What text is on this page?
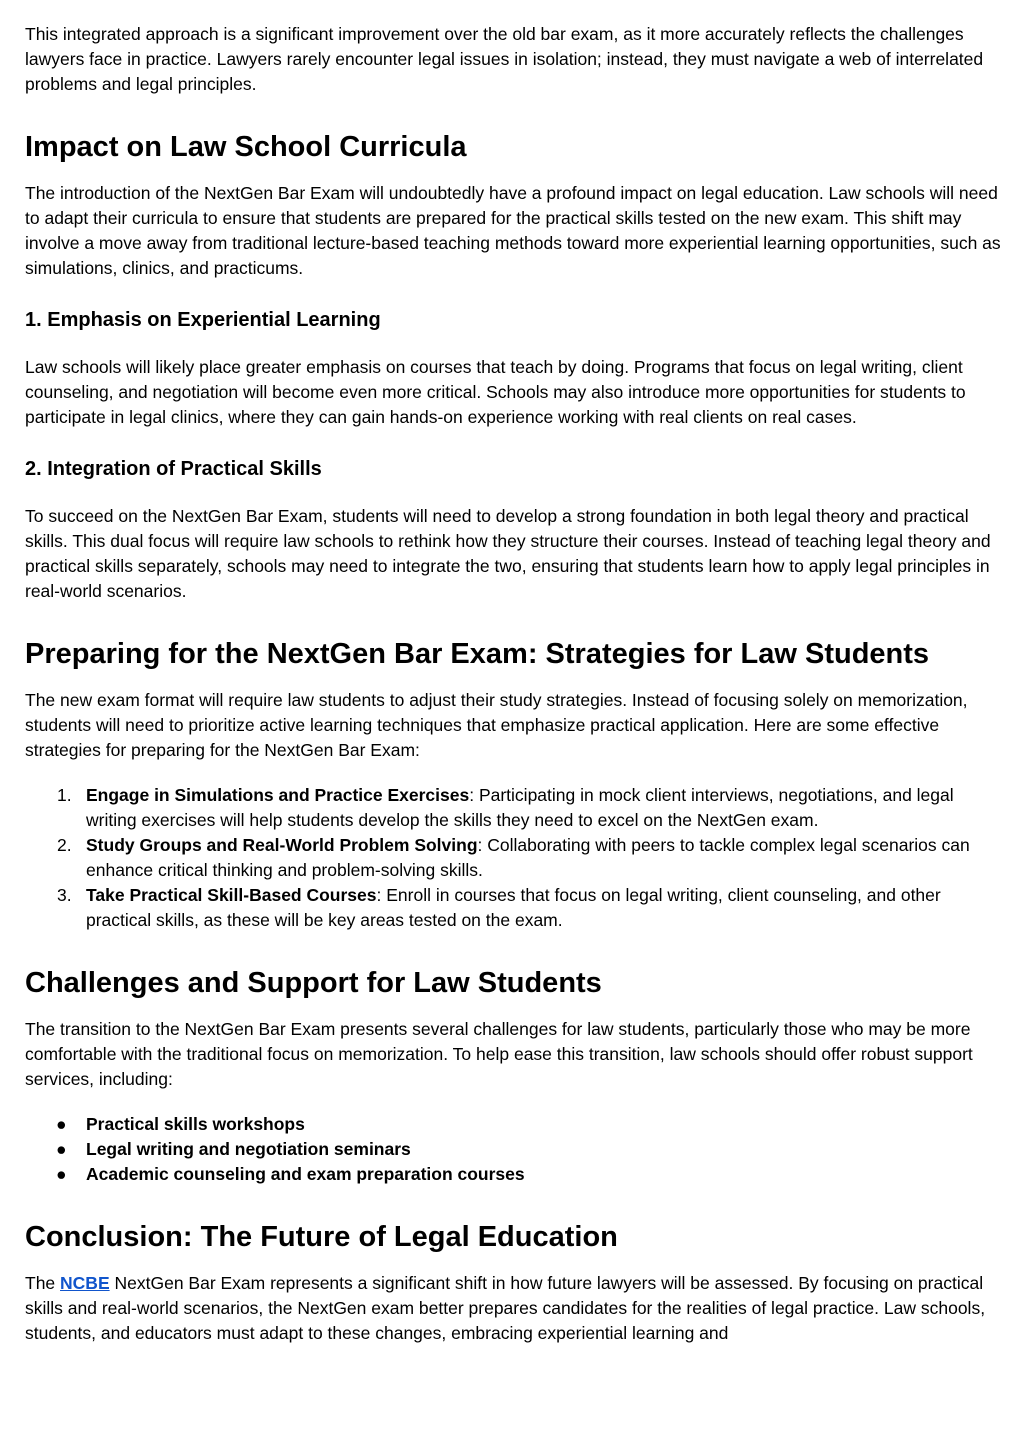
This integrated approach is a significant improvement over the old bar exam, as it more accurately reflects the challenges lawyers face in practice. Lawyers rarely encounter legal issues in isolation; instead, they must navigate a web of interrelated problems and legal principles.

Impact on Law School Curricula

The introduction of the NextGen Bar Exam will undoubtedly have a profound impact on legal education. Law schools will need to adapt their curricula to ensure that students are prepared for the practical skills tested on the new exam. This shift may involve a move away from traditional lecture-based teaching methods toward more experiential learning opportunities, such as simulations, clinics, and practicums.

1. Emphasis on Experiential Learning

Law schools will likely place greater emphasis on courses that teach by doing. Programs that focus on legal writing, client counseling, and negotiation will become even more critical. Schools may also introduce more opportunities for students to participate in legal clinics, where they can gain hands-on experience working with real clients on real cases.

2. Integration of Practical Skills

To succeed on the NextGen Bar Exam, students will need to develop a strong foundation in both legal theory and practical skills. This dual focus will require law schools to rethink how they structure their courses. Instead of teaching legal theory and practical skills separately, schools may need to integrate the two, ensuring that students learn how to apply legal principles in real-world scenarios.

Preparing for the NextGen Bar Exam: Strategies for Law Students

The new exam format will require law students to adjust their study strategies. Instead of focusing solely on memorization, students will need to prioritize active learning techniques that emphasize practical application. Here are some effective strategies for preparing for the NextGen Bar Exam:

1. Engage in Simulations and Practice Exercises: Participating in mock client interviews, negotiations, and legal writing exercises will help students develop the skills they need to excel on the NextGen exam.
2. Study Groups and Real-World Problem Solving: Collaborating with peers to tackle complex legal scenarios can enhance critical thinking and problem-solving skills.
3. Take Practical Skill-Based Courses: Enroll in courses that focus on legal writing, client counseling, and other practical skills, as these will be key areas tested on the exam.
Challenges and Support for Law Students

The transition to the NextGen Bar Exam presents several challenges for law students, particularly those who may be more comfortable with the traditional focus on memorization. To help ease this transition, law schools should offer robust support services, including:

● Practical skills workshops
● Legal writing and negotiation seminars
● Academic counseling and exam preparation courses
Conclusion: The Future of Legal Education

The NCBE NextGen Bar Exam represents a significant shift in how future lawyers will be assessed. By focusing on practical skills and real-world scenarios, the NextGen exam better prepares candidates for the realities of legal practice. Law schools, students, and educators must adapt to these changes, embracing experiential learning and
